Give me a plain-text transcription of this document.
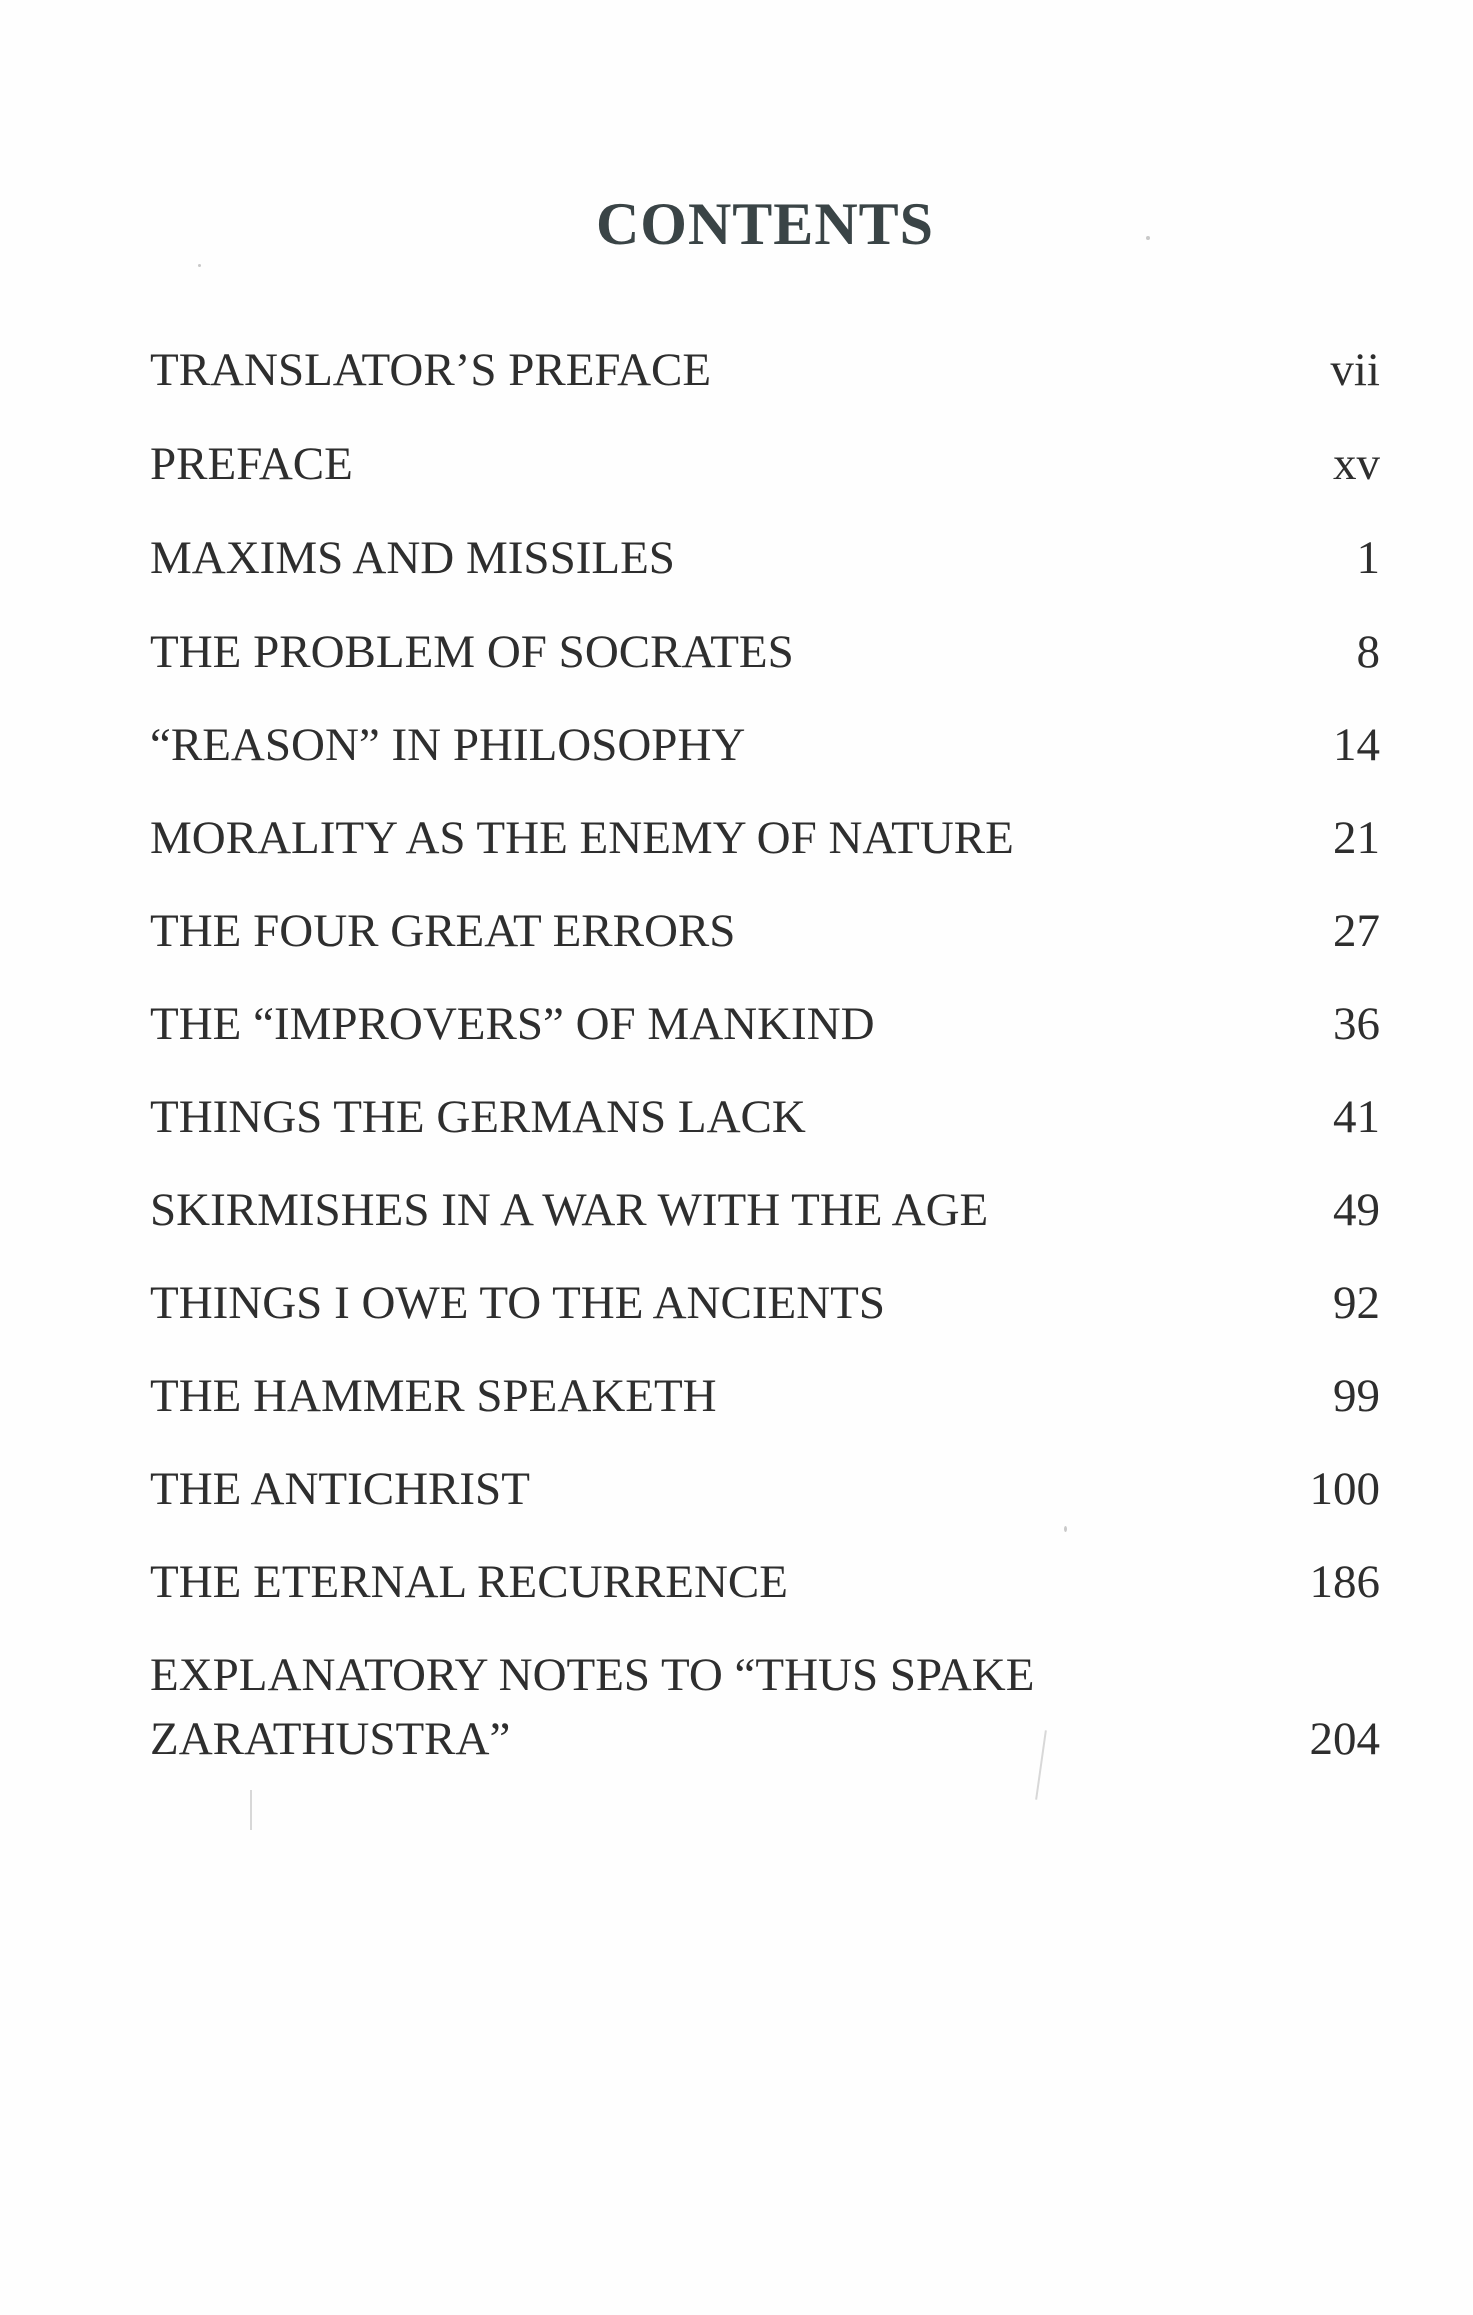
CONTENTS
TRANSLATOR’S PREFACE	vii
PREFACE	xv
MAXIMS AND MISSILES	1
THE PROBLEM OF SOCRATES	8
“REASON” IN PHILOSOPHY	14
MORALITY AS THE ENEMY OF NATURE	21
THE FOUR GREAT ERRORS	27
THE “IMPROVERS” OF MANKIND	36
THINGS THE GERMANS LACK	41
SKIRMISHES IN A WAR WITH THE AGE	49
THINGS I OWE TO THE ANCIENTS	92
THE HAMMER SPEAKETH	99
THE ANTICHRIST	100
THE ETERNAL RECURRENCE	186
EXPLANATORY NOTES TO “THUS SPAKE ZARATHUSTRA”	204
